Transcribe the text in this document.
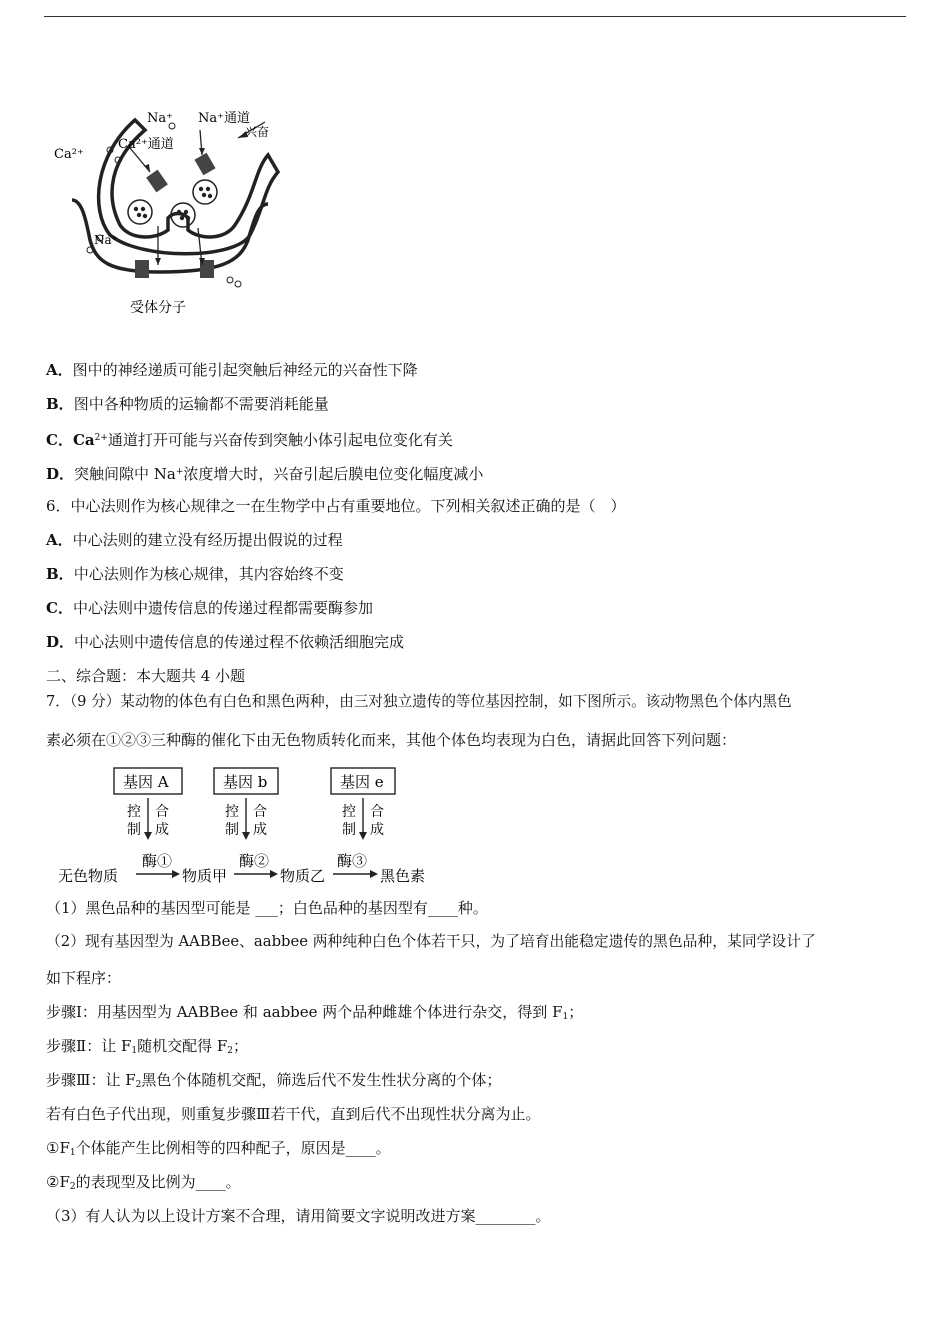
Na⁺ Na⁺通道
兴奋
Ca²⁺
Ca²⁺通道
Na⁺
受体分子
A．图中的神经递质可能引起突触后神经元的兴奋性下降
B．图中各种物质的运输都不需要消耗能量
C．$Ca^{2+}$通道打开可能与兴奋传到突触小体引起电位变化有关
D．突触间隙中 Na+浓度增大时，兴奋引起后膜电位变化幅度减小
6．中心法则作为核心规律之一在生物学中占有重要地位。下列相关叙述正确的是（　）
A．中心法则的建立没有经历提出假说的过程
B．中心法则作为核心规律，其内容始终不变
C．中心法则中遗传信息的传递过程都需要酶参加
D．中心法则中遗传信息的传递过程不依赖活细胞完成
二、综合题：本大题共 4 小题
7．（9 分）某动物的体色有白色和黑色两种，由三对独立遗传的等位基因控制，如下图所示。该动物黑色个体内黑色
素必须在①②③三种酶的催化下由无色物质转化而来，其他个体色均表现为白色，请据此回答下列问题：
基因 A	基因 b	基因 e
控
制
合
成
控
制
合
成
控
制
合
成
酶①	酶②	酶③
无色物质	物质甲	物质乙	黑色素
（1）黑色品种的基因型可能是 ___；白色品种的基因型有____种。
（2）现有基因型为 AABBee、aabbee 两种纯种白色个体若干只，为了培育出能稳定遗传的黑色品种，某同学设计了
如下程序：
步骤Ⅰ：用基因型为 AABBee 和 aabbee 两个品种雌雄个体进行杂交，得到 $F_1$；
步骤Ⅱ：让 $F_1$随机交配得 $F_2$；
步骤Ⅲ：让 $F_2$黑色个体随机交配，筛选后代不发生性状分离的个体；
若有白色子代出现，则重复步骤Ⅲ若干代，直到后代不出现性状分离为止。
$①F_1$个体能产生比例相等的四种配子，原因是____。
$②F_2$的表现型及比例为____。
（3）有人认为以上设计方案不合理，请用简要文字说明改进方案________。
